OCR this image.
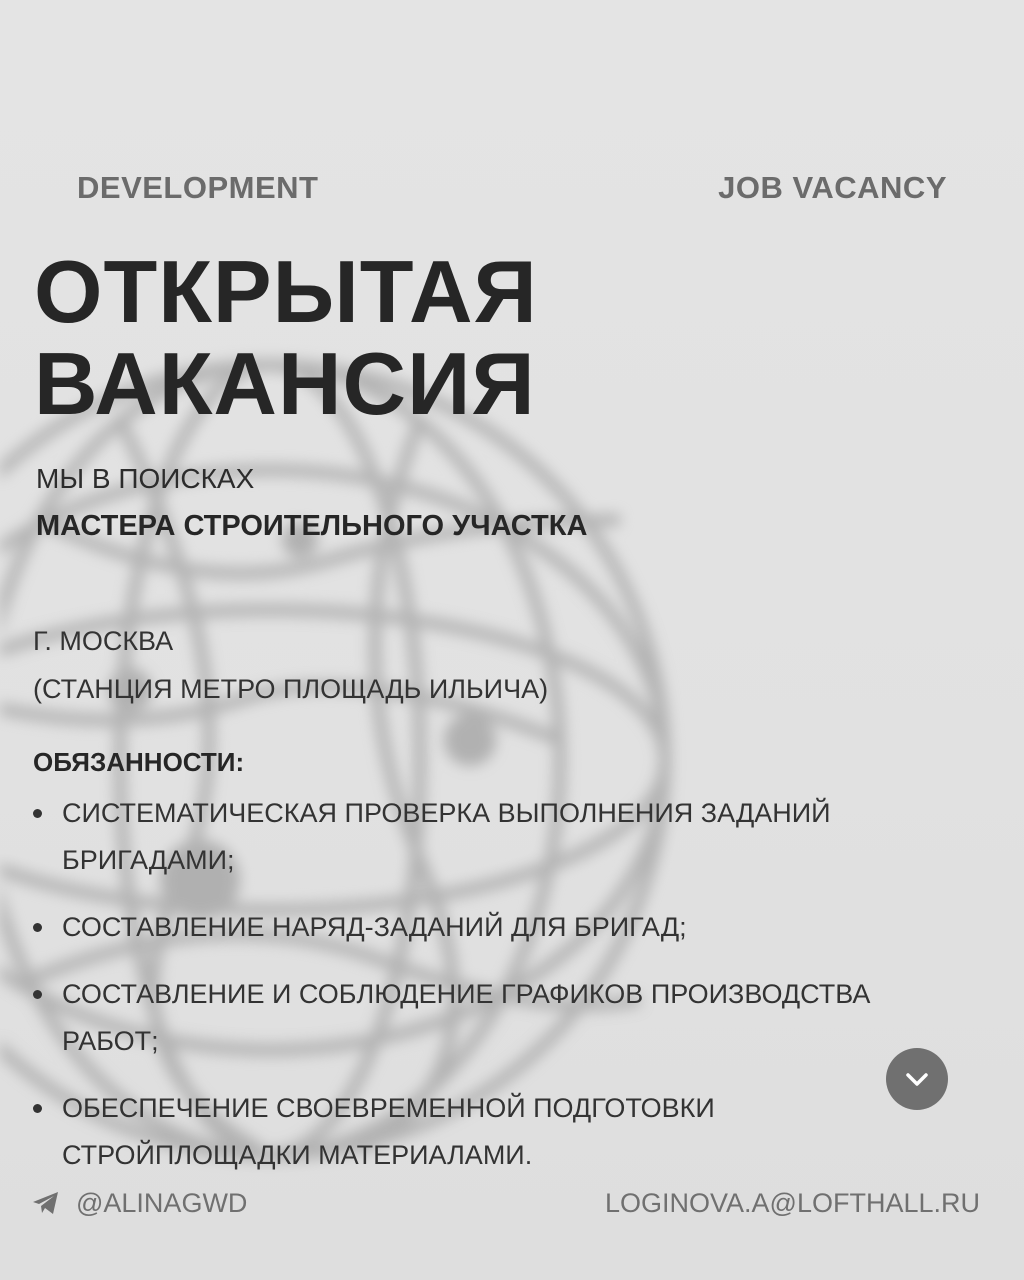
DEVELOPMENT	JOB VACANCY
ОТКРЫТАЯ
ВАКАНСИЯ
МЫ В ПОИСКАХ
МАСТЕРА СТРОИТЕЛЬНОГО УЧАСТКА
Г. МОСКВА
(СТАНЦИЯ МЕТРО ПЛОЩАДЬ ИЛЬИЧА)
ОБЯЗАННОСТИ:
СИСТЕМАТИЧЕСКАЯ ПРОВЕРКА ВЫПОЛНЕНИЯ ЗАДАНИЙ БРИГАДАМИ;
СОСТАВЛЕНИЕ НАРЯД-ЗАДАНИЙ ДЛЯ БРИГАД;
СОСТАВЛЕНИЕ И СОБЛЮДЕНИЕ ГРАФИКОВ ПРОИЗВОДСТВА РАБОТ;
ОБЕСПЕЧЕНИЕ СВОЕВРЕМЕННОЙ ПОДГОТОВКИ СТРОЙПЛОЩАДКИ МАТЕРИАЛАМИ.
@ALINAGWD	LOGINOVA.A@LOFTHALL.RU
